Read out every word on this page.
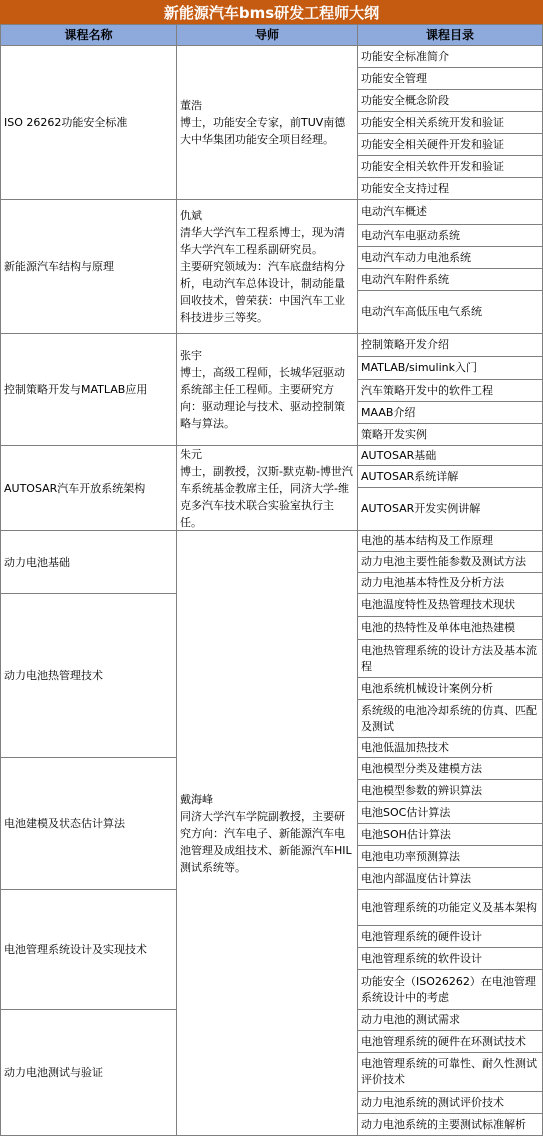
新能源汽车bms研发工程师大纲
课程名称	导师	课程目录
ISO 26262功能安全标准
功能安全标准简介
功能安全管理
功能安全概念阶段
功能安全相关系统开发和验证
功能安全相关硬件开发和验证
功能安全相关软件开发和验证
功能安全支持过程
新能源汽车结构与原理
电动汽车概述
电动汽车电驱动系统
电动汽车动力电池系统
电动汽车附件系统
电动汽车高低压电气系统
控制策略开发与MATLAB应用
控制策略开发介绍
MATLAB/simulink入门
汽车策略开发中的软件工程
MAAB介绍
策略开发实例
AUTOSAR汽车开放系统架构
AUTOSAR基础
AUTOSAR系统详解
AUTOSAR开发实例讲解
动力电池基础
电池的基本结构及工作原理
动力电池主要性能参数及测试方法
动力电池基本特性及分析方法
动力电池热管理技术
电池温度特性及热管理技术现状
电池的热特性及单体电池热建模
电池热管理系统的设计方法及基本流程
电池系统机械设计案例分析
系统级的电池冷却系统的仿真、匹配及测试
电池低温加热技术
电池建模及状态估计算法
电池模型分类及建模方法
电池模型参数的辨识算法
电池SOC估计算法
电池SOH估计算法
电池电功率预测算法
电池内部温度估计算法
电池管理系统设计及实现技术
电池管理系统的功能定义及基本架构
电池管理系统的硬件设计
电池管理系统的软件设计
功能安全（ISO26262）在电池管理系统设计中的考虑
动力电池测试与验证
动力电池的测试需求
电池管理系统的硬件在环测试技术
电池管理系统的可靠性、耐久性测试评价技术
动力电池系统的测试评价技术
动力电池系统的主要测试标准解析
董浩
博士，功能安全专家，前TUV南德大中华集团功能安全项目经理。
仇斌
清华大学汽车工程系博士，现为清华大学汽车工程系副研究员。
主要研究领域为：汽车底盘结构分析，电动汽车总体设计，制动能量回收技术，曾荣获：中国汽车工业科技进步三等奖。
张宇
博士，高级工程师，长城华冠驱动系统部主任工程师。主要研究方向：驱动理论与技术、驱动控制策略与算法。
朱元
博士，副教授，汉斯-默克勒-博世汽车系统基金教席主任，同济大学-维克多汽车技术联合实验室执行主任。
戴海峰
同济大学汽车学院副教授，主要研究方向：汽车电子、新能源汽车电池管理及成组技术、新能源汽车HIL测试系统等。
